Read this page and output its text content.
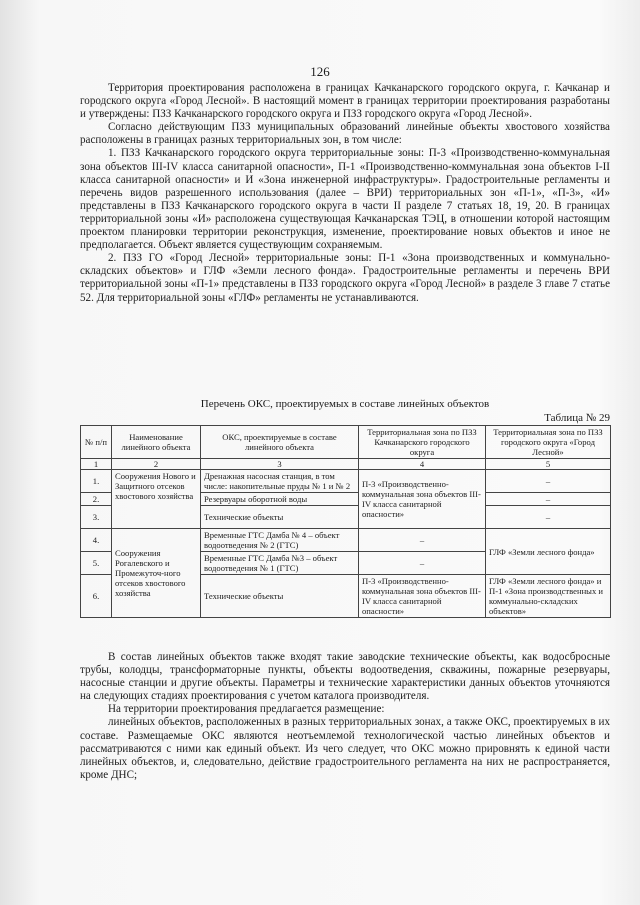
126

Территория проектирования расположена в границах Качканарского городского округа, г. Качканар и городского округа «Город Лесной». В настоящий момент в границах территории проектирования разработаны и утверждены: ПЗЗ Качканарского городского округа и ПЗЗ городского округа «Город Лесной».

Согласно действующим ПЗЗ муниципальных образований линейные объекты хвостового хозяйства расположены в границах разных территориальных зон, в том числе:

1. ПЗЗ Качканарского городского округа территориальные зоны: П-3 «Производственно-коммунальная зона объектов III-IV класса санитарной опасности», П-1 «Производственно-коммунальная зона объектов I-II класса санитарной опасности» и И «Зона инженерной инфраструктуры». Градостроительные регламенты и перечень видов разрешенного использования (далее – ВРИ) территориальных зон «П-1», «П-3», «И» представлены в ПЗЗ Качканарского городского округа в части II разделе 7 статьях 18, 19, 20. В границах территориальной зоны «И» расположена существующая Качканарская ТЭЦ, в отношении которой настоящим проектом планировки территории реконструкция, изменение, проектирование новых объектов и иное не предполагается. Объект является существующим сохраняемым.

2. ПЗЗ ГО «Город Лесной» территориальные зоны: П-1 «Зона производственных и коммунально-складских объектов» и ГЛФ «Земли лесного фонда». Градостроительные регламенты и перечень ВРИ территориальной зоны «П-1» представлены в ПЗЗ городского округа «Город Лесной» в разделе 3 главе 7 статье 52. Для территориальной зоны «ГЛФ» регламенты не устанавливаются.

Перечень ОКС, проектируемых в составе линейных объектов
Таблица № 29
№ п/п	Наименование линейного объекта	ОКС, проектируемые в составе линейного объекта	Территориальная зона по ПЗЗ Качканарского городского округа	Территориальная зона по ПЗЗ городского округа «Город Лесной»
1	2	3	4	5
1.	Сооружения Нового и Защитного отсеков хвостового хозяйства	Дренажная насосная станция, в том числе: накопительные пруды № 1 и № 2	П-3 «Производственно-коммунальная зона объектов III-IV класса санитарной опасности»	–
2.		Резервуары оборотной воды		–
3.		Технические объекты		–
4.	Сооружения Рогалевского и Промежуточ-ного отсеков хвостового хозяйства	Временные ГТС Дамба № 4 – объект водоотведения № 2 (ГТС)	–	ГЛФ «Земли лесного фонда»
5.		Временные ГТС Дамба №3 – объект водоотведения № 1 (ГТС)	–	
6.		Технические объекты	П-3 «Производственно-коммунальная зона объектов III-IV класса санитарной опасности»	ГЛФ «Земли лесного фонда» и П-1 «Зона производственных и коммунально-складских объектов»

В состав линейных объектов также входят такие заводские технические объекты, как водосбросные трубы, колодцы, трансформаторные пункты, объекты водоотведения, скважины, пожарные резервуары, насосные станции и другие объекты. Параметры и технические характеристики данных объектов уточняются на следующих стадиях проектирования с учетом каталога производителя.

На территории проектирования предлагается размещение:

линейных объектов, расположенных в разных территориальных зонах, а также ОКС, проектируемых в их составе. Размещаемые ОКС являются неотъемлемой технологической частью линейных объектов и рассматриваются с ними как единый объект. Из чего следует, что ОКС можно прировнять к единой части линейных объектов, и, следовательно, действие градостроительного регламента на них не распространяется, кроме ДНС;
